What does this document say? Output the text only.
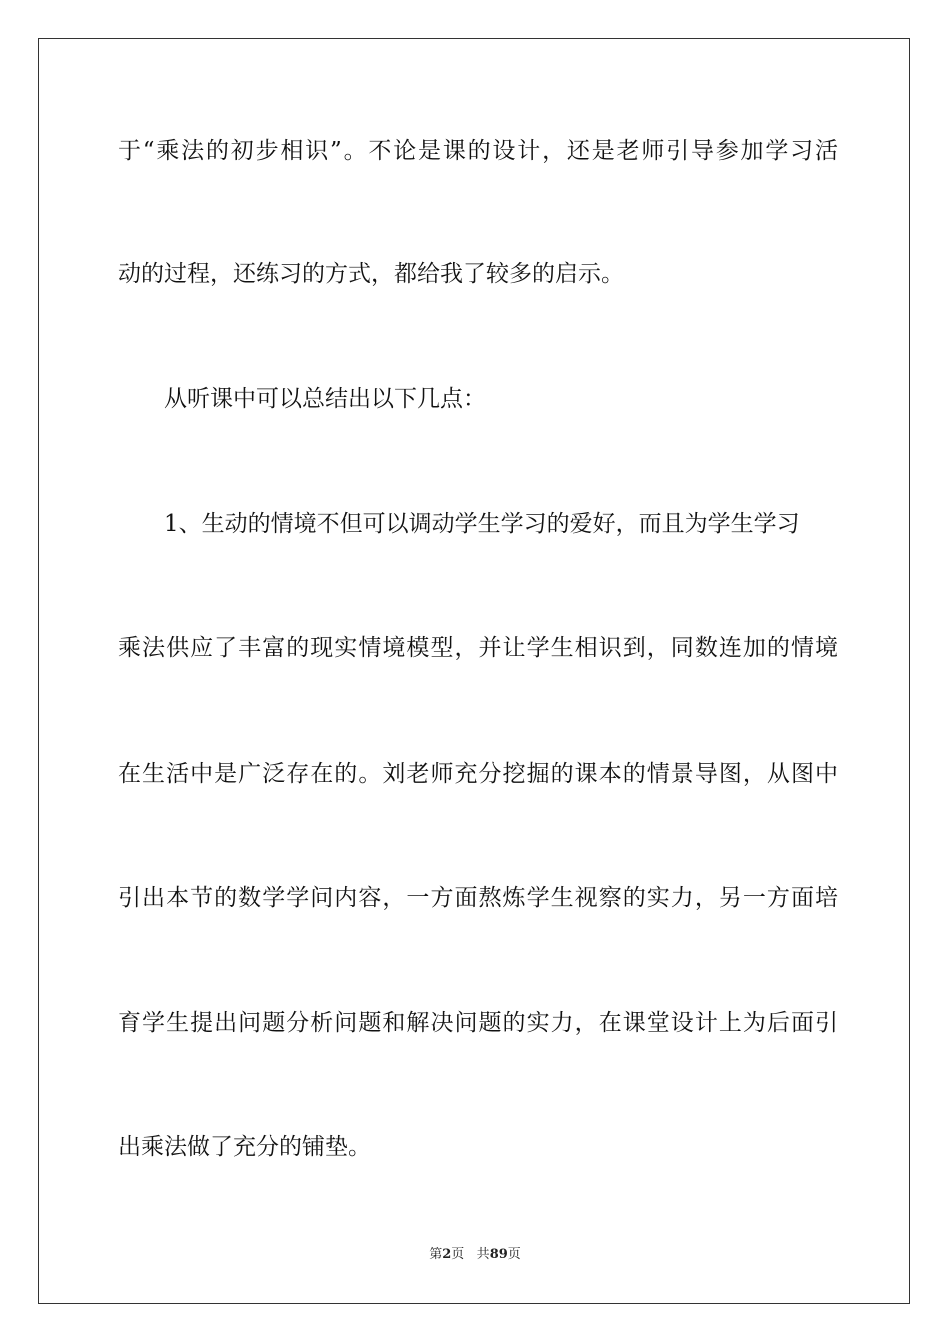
于“乘法的初步相识”。不论是课的设计，还是老师引导参加学习活
动的过程，还练习的方式，都给我了较多的启示。
从听课中可以总结出以下几点：
1、生动的情境不但可以调动学生学习的爱好，而且为学生学习
乘法供应了丰富的现实情境模型，并让学生相识到，同数连加的情境
在生活中是广泛存在的。刘老师充分挖掘的课本的情景导图，从图中
引出本节的数学学问内容，一方面熬炼学生视察的实力，另一方面培
育学生提出问题分析问题和解决问题的实力，在课堂设计上为后面引
出乘法做了充分的铺垫。
第2页 共89页
